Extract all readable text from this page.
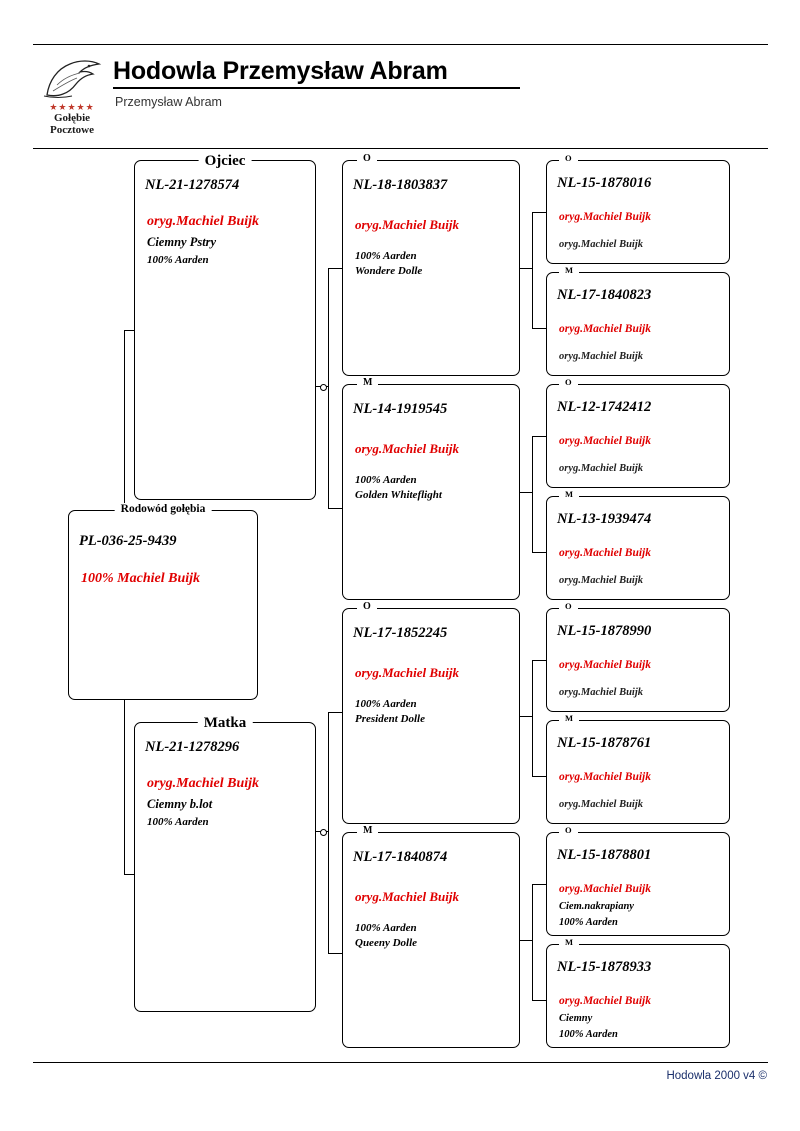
★★★★★
Gołębie
Pocztowe
Hodowla Przemysław Abram
Przemysław Abram
Rodowód gołębia
PL-036-25-9439
100% Machiel Buijk
Ojciec
NL-21-1278574
oryg.Machiel Buijk
Ciemny Pstry
100% Aarden
Matka
NL-21-1278296
oryg.Machiel Buijk
Ciemny b.lot
100% Aarden
O
NL-18-1803837
oryg.Machiel Buijk
100% Aarden
Wondere Dolle
M
NL-14-1919545
oryg.Machiel Buijk
100% Aarden
Golden Whiteflight
O
NL-17-1852245
oryg.Machiel Buijk
100% Aarden
President Dolle
M
NL-17-1840874
oryg.Machiel Buijk
100% Aarden
Queeny Dolle
O
NL-15-1878016
oryg.Machiel Buijk
oryg.Machiel Buijk
M
NL-17-1840823
oryg.Machiel Buijk
oryg.Machiel Buijk
O
NL-12-1742412
oryg.Machiel Buijk
oryg.Machiel Buijk
M
NL-13-1939474
oryg.Machiel Buijk
oryg.Machiel Buijk
O
NL-15-1878990
oryg.Machiel Buijk
oryg.Machiel Buijk
M
NL-15-1878761
oryg.Machiel Buijk
oryg.Machiel Buijk
O
NL-15-1878801
oryg.Machiel Buijk
Ciem.nakrapiany
100% Aarden
M
NL-15-1878933
oryg.Machiel Buijk
Ciemny
100% Aarden
Hodowla 2000 v4 ©
